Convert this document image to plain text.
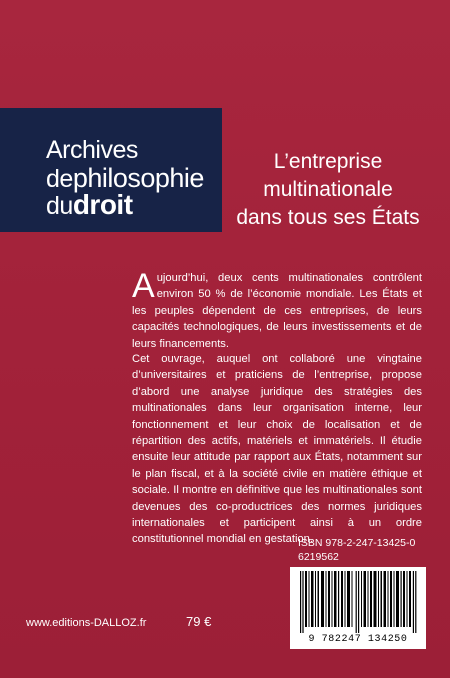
Archives
dephilosophie
dudroit
L’entreprise
multinationale
dans tous ses États
Aujourd’hui, deux cents multinationales contrôlent environ 50 % de l’économie mondiale. Les États et les peuples dépendent de ces entreprises, de leurs capacités technologiques, de leurs investissements et de leurs financements.
Cet ouvrage, auquel ont collaboré une vingtaine d’universitaires et praticiens de l’entreprise, propose d’abord une analyse juridique des stratégies des multinationales dans leur organisation interne, leur fonctionnement et leur choix de localisation et de répartition des actifs, matériels et immatériels. Il étudie ensuite leur attitude par rapport aux États, notamment sur le plan fiscal, et à la société civile en matière éthique et sociale. Il montre en définitive que les multinationales sont devenues des co-productrices des normes juridiques internationales et participent ainsi à un ordre constitutionnel mondial en gestation.
ISBN 978-2-247-13425-0
6219562
9 782247 134250
www.editions-DALLOZ.fr	79 €
